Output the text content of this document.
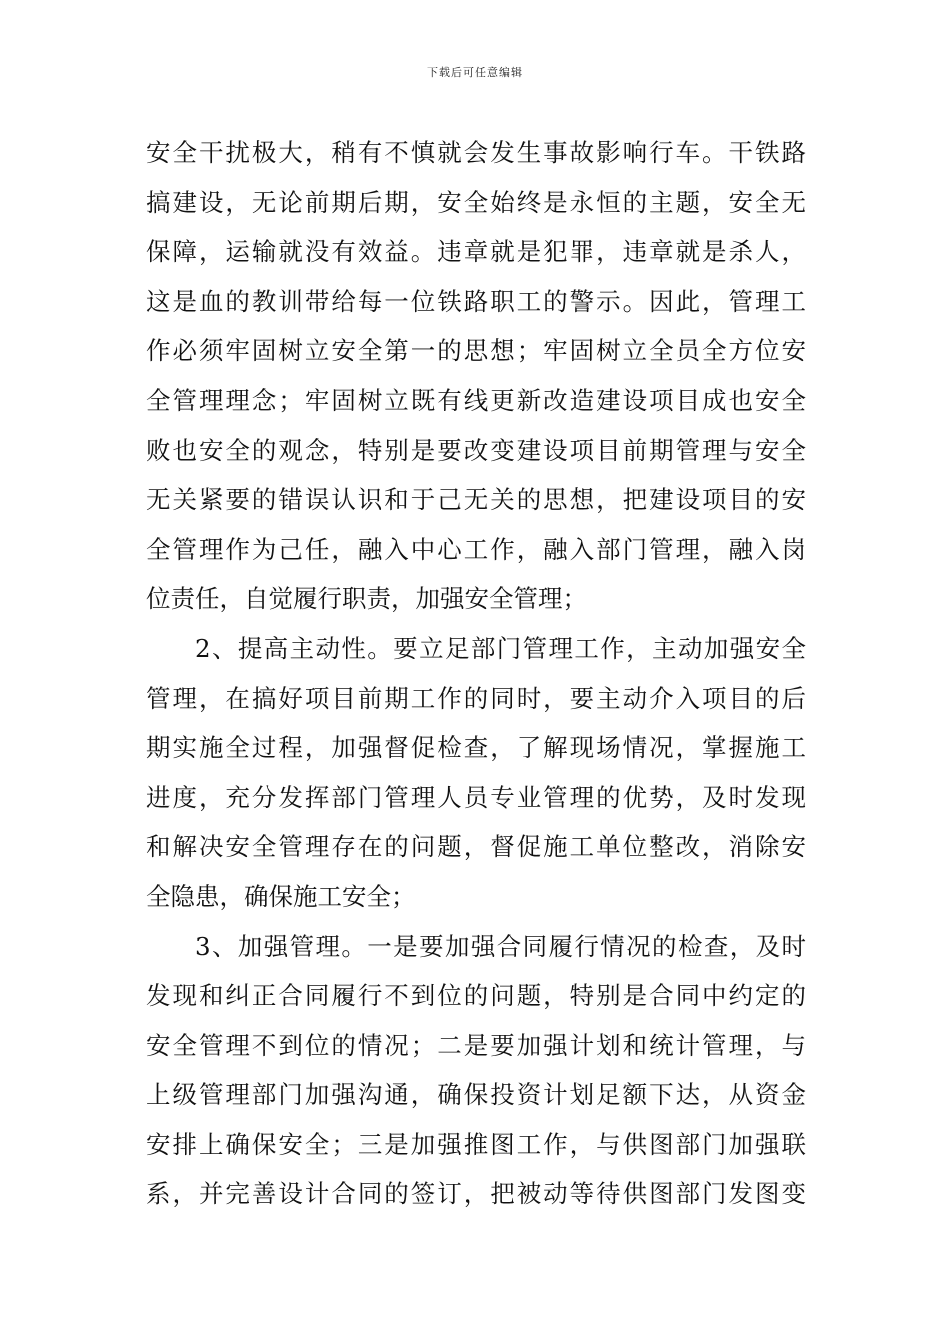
下载后可任意编辑
安全干扰极大，稍有不慎就会发生事故影响行车。干铁路
搞建设，无论前期后期，安全始终是永恒的主题，安全无
保障，运输就没有效益。违章就是犯罪，违章就是杀人，
这是血的教训带给每一位铁路职工的警示。因此，管理工
作必须牢固树立安全第一的思想；牢固树立全员全方位安
全管理理念；牢固树立既有线更新改造建设项目成也安全
败也安全的观念，特别是要改变建设项目前期管理与安全
无关紧要的错误认识和于己无关的思想，把建设项目的安
全管理作为己任，融入中心工作，融入部门管理，融入岗
位责任，自觉履行职责，加强安全管理；
2、提高主动性。要立足部门管理工作，主动加强安全
管理，在搞好项目前期工作的同时，要主动介入项目的后
期实施全过程，加强督促检查，了解现场情况，掌握施工
进度，充分发挥部门管理人员专业管理的优势，及时发现
和解决安全管理存在的问题，督促施工单位整改，消除安
全隐患，确保施工安全；
3、加强管理。一是要加强合同履行情况的检查，及时
发现和纠正合同履行不到位的问题，特别是合同中约定的
安全管理不到位的情况；二是要加强计划和统计管理，与
上级管理部门加强沟通，确保投资计划足额下达，从资金
安排上确保安全；三是加强推图工作，与供图部门加强联
系，并完善设计合同的签订，把被动等待供图部门发图变
